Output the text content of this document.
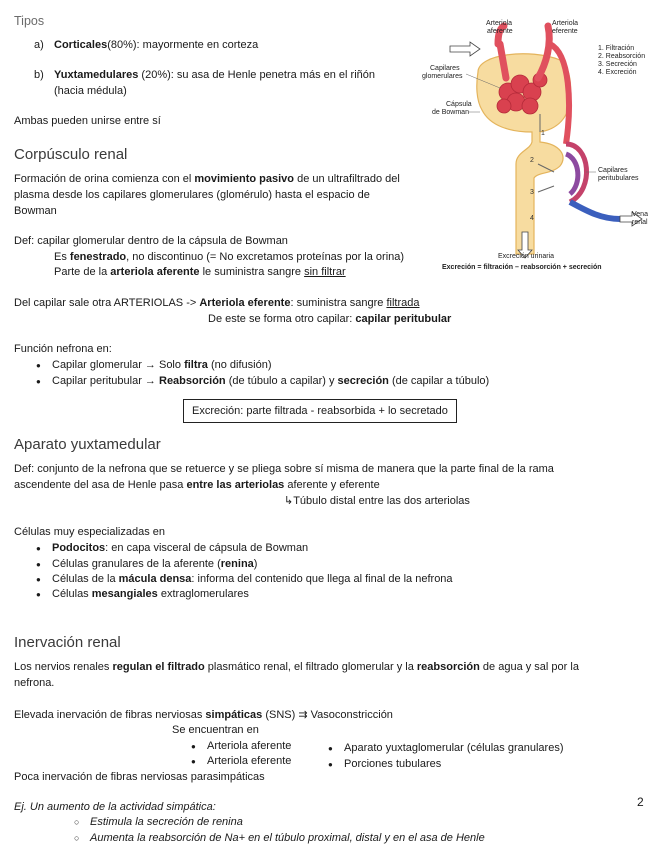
Tipos
a) Corticales(80%): mayormente en corteza
b) Yuxtamedulares (20%): su asa de Henle penetra más en el riñón
(hacia médula)
Ambas pueden unirse entre sí
Corpúsculo renal
Formación de orina comienza con el movimiento pasivo de un ultrafiltrado del
plasma desde los capilares glomerulares (glomérulo) hasta el espacio de
Bowman
Def: capilar glomerular dentro de la cápsula de Bowman
Es fenestrado, no discontinuo (= No excretamos proteínas por la orina)
Parte de la arteriola aferente le suministra sangre sin filtrar
Del capilar sale otra ARTERIOLAS -> Arteriola eferente: suministra sangre filtrada
De este se forma otro capilar: capilar peritubular
Función nefrona en:
● Capilar glomerular → Solo filtra (no difusión)
● Capilar peritubular → Reabsorción (de túbulo a capilar) y secreción (de capilar a túbulo)
Excreción: parte filtrada - reabsorbida + lo secretado
Aparato yuxtamedular
Def: conjunto de la nefrona que se retuerce y se pliega sobre sí misma de manera que la parte final de la rama
ascendente del asa de Henle pasa entre las arteriolas aferente y eferente
↳Túbulo distal entre las dos arteriolas
Células muy especializadas en
● Podocitos: en capa visceral de cápsula de Bowman
● Células granulares de la aferente (renina)
● Células de la mácula densa: informa del contenido que llega al final de la nefrona
● Células mesangiales extraglomerulares
Inervación renal
Los nervios renales regulan el filtrado plasmático renal, el filtrado glomerular y la reabsorción de agua y sal por la
nefrona.
Elevada inervación de fibras nerviosas simpáticas (SNS) ⇉ Vasoconstricción
Se encuentran en
● Arteriola aferente
● Arteriola eferente
● Aparato yuxtaglomerular (células granulares)
● Porciones tubulares
Poca inervación de fibras nerviosas parasimpáticas
Ej. Un aumento de la actividad simpática:
○ Estimula la secreción de renina
○ Aumenta la reabsorción de Na+ en el túbulo proximal, distal y en el asa de Henle
2
1
2
3
4
Arteriola
aferente
Arteriola
eferente
Capilares
glomerulares
Cápsula
de Bowman
Capilares
peritubulares
Vena
renal
1. Filtración
2. Reabsorción
3. Secreción
4. Excreción
Excreción urinaria
Excreción = filtración – reabsorción + secreción
